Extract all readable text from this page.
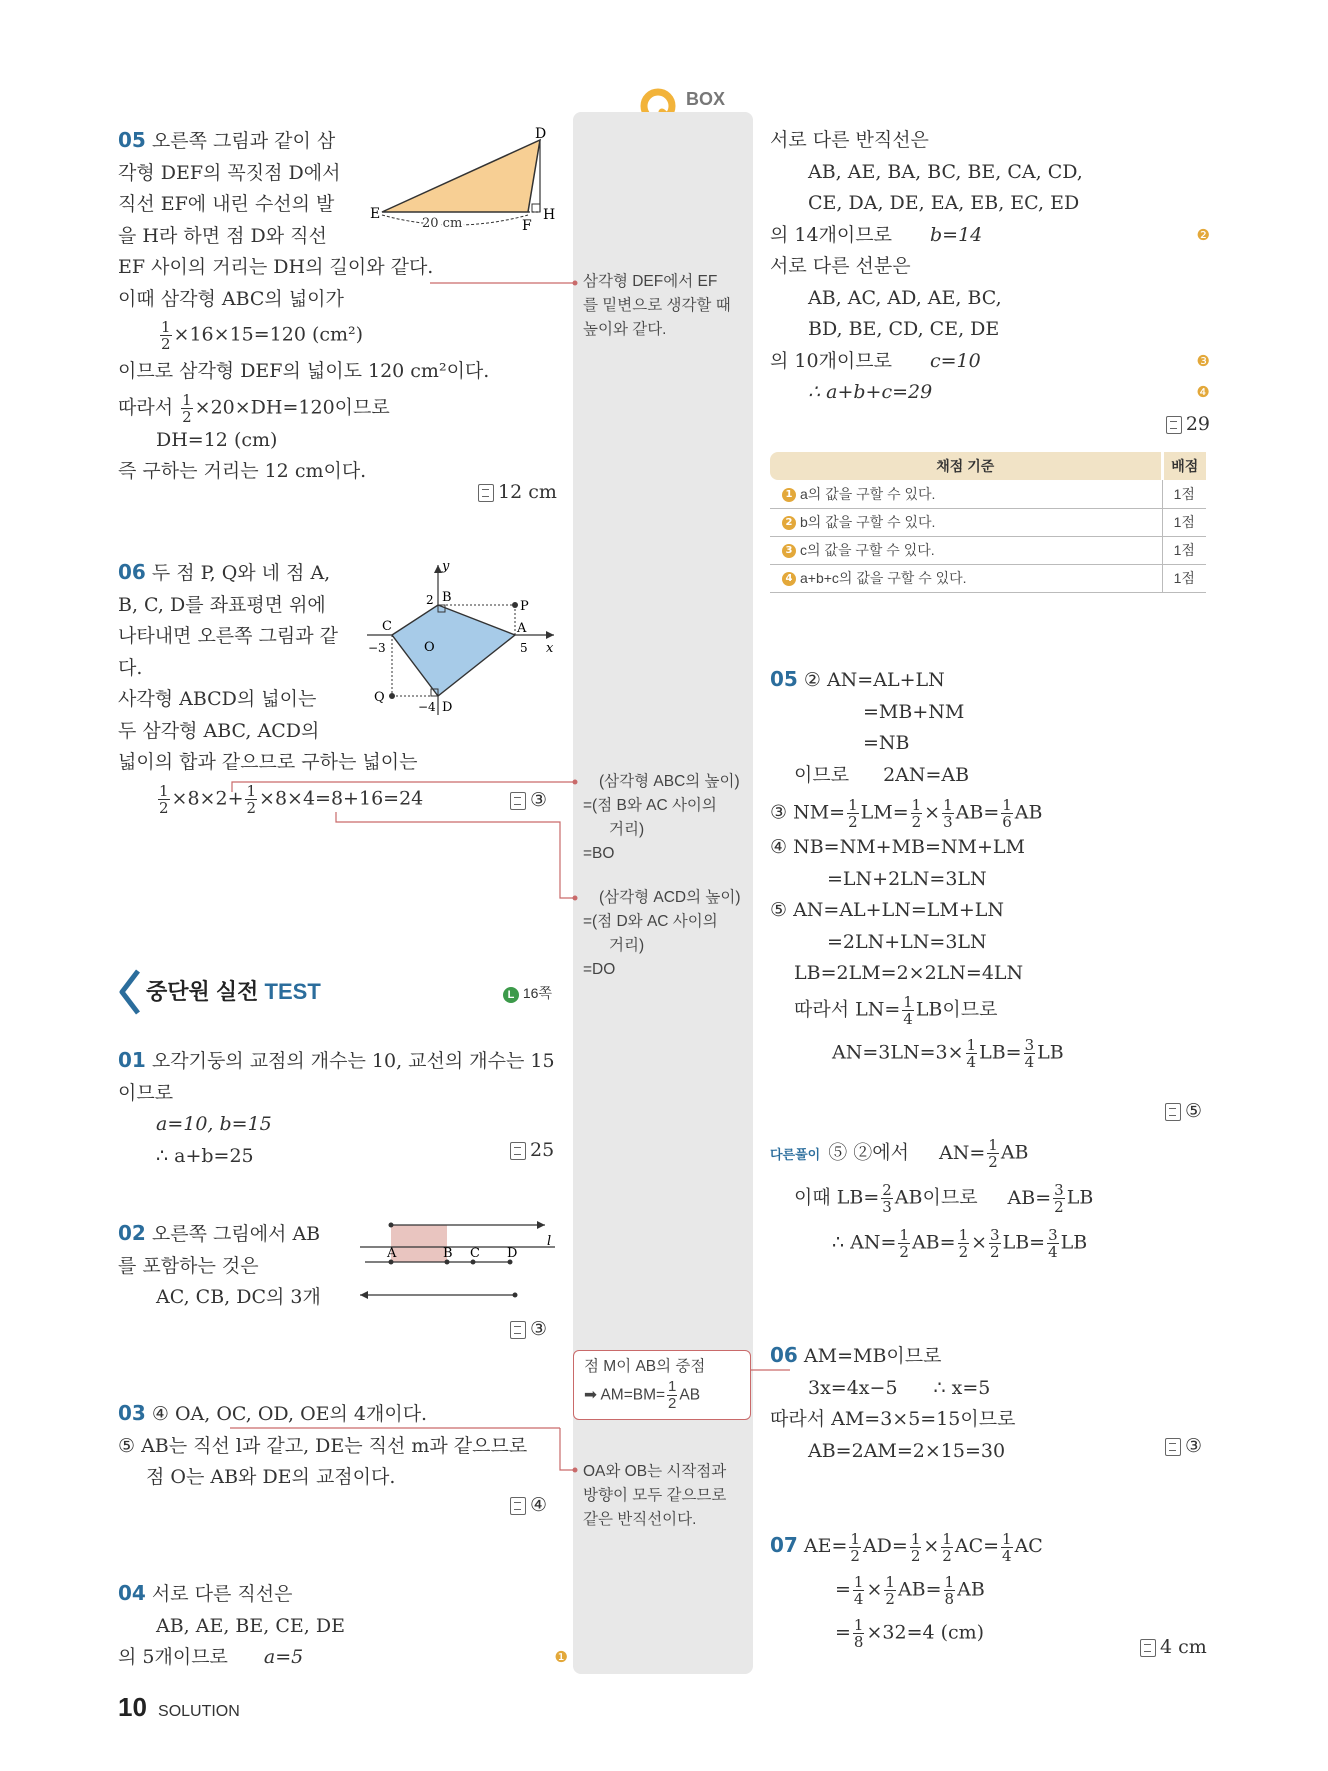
BOX
05 오른쪽 그림과 같이 삼
각형 DEF의 꼭짓점 D에서
직선 EF에 내린 수선의 발
을 H라 하면 점 D와 직선
EF 사이의 거리는 DH의 길이와 같다.
이때 삼각형 ABC의 넓이가
$\frac{1}{2} \times 16\times 15=120$ (cm²)
이므로 삼각형 DEF의 넓이도 120 cm²이다.
따라서 $\frac{1}{2} \times 20\times DH=120$이므로
DH=12 (cm)
즉 구하는 거리는 12 cm이다.
12 cm
D
E
F
H
20 cm
06 두 점 P, Q와 네 점 A,
B, C, D를 좌표평면 위에
나타내면 오른쪽 그림과 같
다.
사각형 ABCD의 넓이는
두 삼각형 ABC, ACD의
넓이의 합과 같으므로 구하는 넓이는
$\frac{1}{2} \times 8\times 2+ \frac{1}{2} \times 8\times 4=8+16=24$	③
y
x
O
A
B
C
D
P
Q
2
−3	5
−4
중단원 실전 TEST	L 16쪽
01 오각기둥의 교점의 개수는 10, 교선의 개수는 15
이므로
a=10, b=15
∴ a+b=25	25
02 오른쪽 그림에서 AB
를 포함하는 것은
AC, CB, DC의 3개
③
A	B C D
l
03 ④ OA, OC, OD, OE의 4개이다.
⑤ AB는 직선 l과 같고, DE는 직선 m과 같으므로
점 O는 AB와 DE의 교점이다.
④
04 서로 다른 직선은
AB, AE, BE, CE, DE
의 5개이므로 a=5	❶
10 SOLUTION
삼각형 DEF에서 EF
를 밑변으로 생각할 때
높이와 같다.
(삼각형 ABC의 높이)
=(점 B와 AC 사이의
거리)
=BO
(삼각형 ACD의 높이)
=(점 D와 AC 사이의
거리)
=DO
점 M이 AB의 중점
➡ $AM=BM= \frac{1}{2}$ AB
OA와 OB는 시작점과
방향이 모두 같으므로
같은 반직선이다.
서로 다른 반직선은
AB, AE, BA, BC, BE, CA, CD,
CE, DA, DE, EA, EB, EC, ED
의 14개이므로 b=14	❷
서로 다른 선분은
AB, AC, AD, AE, BC,
BD, BE, CD, CE, DE
의 10개이므로 c=10	❸
∴ a+b+c=29	❹
29
채점 기준	배점
1 a의 값을 구할 수 있다.	1점
2 b의 값을 구할 수 있다.	1점
3 c의 값을 구할 수 있다.	1점
4 a+b+c의 값을 구할 수 있다.	1점
05 ② AN=AL+LN
=MB+NM
=NB
이므로 2AN=AB
③ $NM= \frac{1}{2} LM= \frac{1}{2} \times \frac{1}{3} AB= \frac{1}{6}$ AB
④ NB=NM+MB=NM+LM
=LN+2LN=3LN
⑤ AN=AL+LN=LM+LN
=2LN+LN=3LN
LB=2LM=2×2LN=4LN
따라서 $LN= \frac{1}{4}$ LB이므로
$AN=3LN=3\times \frac{1}{4} LB= \frac{3}{4}$ LB
⑤
다른풀이 ⑤ ②에서 $AN= \frac{1}{2}$ AB
이때 $LB= \frac{2}{3}$ AB이므로 $AB= \frac{3}{2}$ LB
∴ $AN= \frac{1}{2} AB= \frac{1}{2} \times \frac{3}{2} LB= \frac{3}{4}$ LB
06 AM=MB이므로
3x=4x−5 ∴ x=5
따라서 AM=3×5=15이므로
AB=2AM=2×15=30	③
07 $AE= \frac{1}{2} AD= \frac{1}{2} \times \frac{1}{2} AC= \frac{1}{4}$ AC
= $\frac{1}{4} \times \frac{1}{2} AB= \frac{1}{8}$ AB
= $\frac{1}{8} \times 32=4$ (cm)
4 cm
